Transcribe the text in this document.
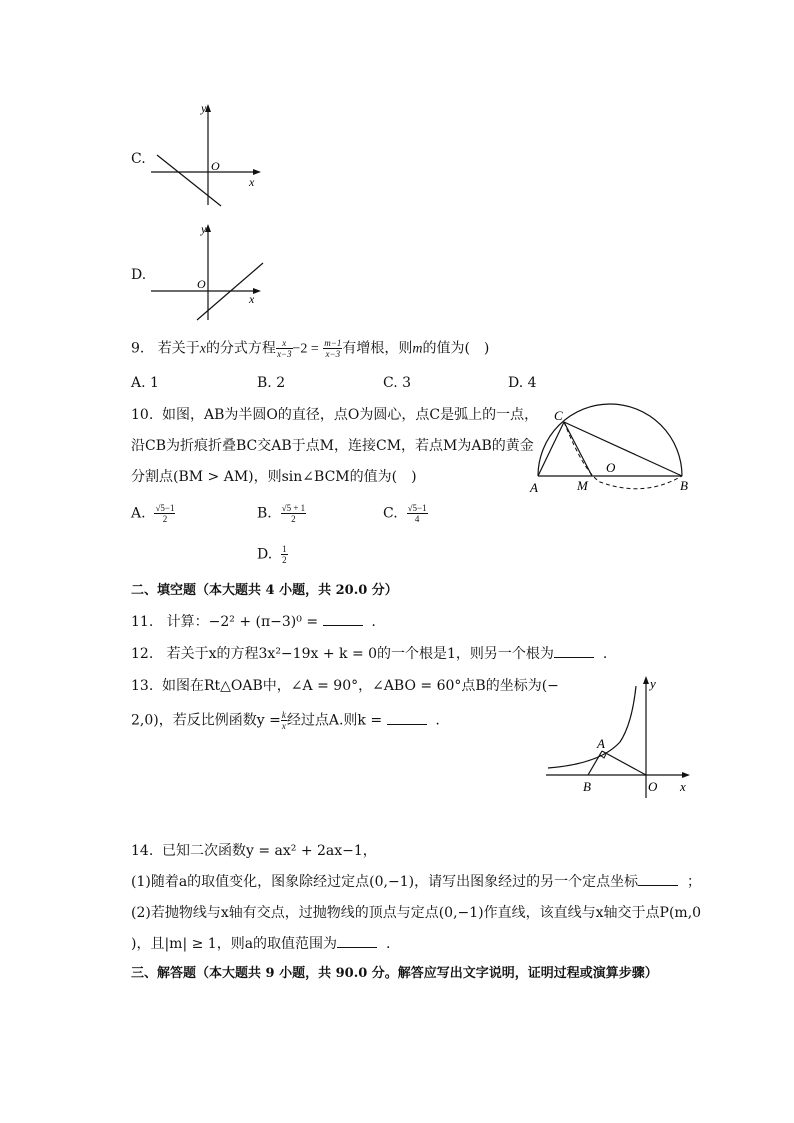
C.
y
x
O
D.
y
x
O
9. 若关于x的分式方程 $\frac{x}{x-3} -2 = \frac{m-1}{x-3}$ 有增根，则m的值为(　)
A. 1	B. 2	C. 3	D. 4
10. 如图，AB为半圆O的直径，点O为圆心，点C是弧上的一点，
沿CB为折痕折叠BC交AB于点M，连接CM，若点M为AB的黄金
分割点(BM > AM)，则sin∠BCM的值为(　)
C
O
A	M	B
A. $\frac{√5-1}{2}$	B. $\frac{√5 + 1}{2}$	C. $\frac{√5-1}{4}$
D. $\frac{1}{2}$
二、填空题（本大题共 4 小题，共 20.0 分）
11. 计算：−2² + (π−3)⁰ =	.
12. 若关于x的方程3x²−19x + k = 0的一个根是1，则另一个根为	.
13. 如图在Rt△OAB中，∠A = 90°，∠ABO = 60°点B的坐标为(−
2,0)，若反比例函数$y = \frac{k}{x}$ 经过点A.则k =	.
y
A
B	O x
14. 已知二次函数y = ax² + 2ax−1，
(1)随着a的取值变化，图象除经过定点(0,−1)，请写出图象经过的另一个定点坐标	；
(2)若抛物线与x轴有交点，过抛物线的顶点与定点(0,−1)作直线，该直线与x轴交于点P(m,0
)，且|m| ≥ 1，则a的取值范围为	.
三、解答题（本大题共 9 小题，共 90.0 分。解答应写出文字说明，证明过程或演算步骤）
